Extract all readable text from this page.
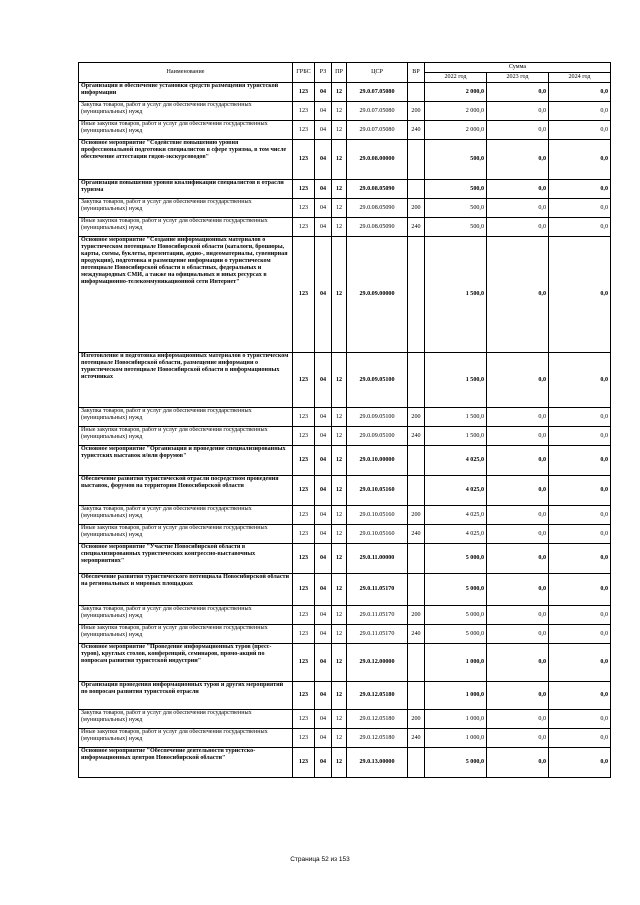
Наименование	ГРБС	РЗ	ПР	ЦСР	ВР	Сумма		
						2022 год	2023 год	2024 год
Организация и обеспечение установки средств размещения туристской информации	123	04	12	29.0.07.05080		2 000,0	0,0	0,0
Закупка товаров, работ и услуг для обеспечения государственных (муниципальных) нужд	123	04	12	29.0.07.05080	200	2 000,0	0,0	0,0
Иные закупки товаров, работ и услуг для обеспечения государственных (муниципальных) нужд	123	04	12	29.0.07.05080	240	2 000,0	0,0	0,0
Основное мероприятие "Содействие повышению уровня профессиональной подготовки специалистов в сфере туризма, в том числе обеспечение аттестации гидов-экскурсоводов"	123	04	12	29.0.08.00000		500,0	0,0	0,0
Организация повышения уровня квалификации специалистов в отрасли туризма	123	04	12	29.0.08.05090		500,0	0,0	0,0
Закупка товаров, работ и услуг для обеспечения государственных (муниципальных) нужд	123	04	12	29.0.08.05090	200	500,0	0,0	0,0
Иные закупки товаров, работ и услуг для обеспечения государственных (муниципальных) нужд	123	04	12	29.0.08.05090	240	500,0	0,0	0,0
Основное мероприятие "Создание информационных материалов о туристическом потенциале Новосибирской области (каталоги, брошюры, карты, схемы, буклеты, презентации, аудио-, видеоматериалы, сувенирная продукция), подготовка и размещение информации о туристическом потенциале Новосибирской области в областных, федеральных и международных СМИ, а также на официальных и иных ресурсах в информационно-телекоммуникационной сети Интернет"	123	04	12	29.0.09.00000		1 500,0	0,0	0,0
Изготовление и подготовка информационных материалов о туристическом потенциале Новосибирской области, размещение информации о туристическом потенциале Новосибирской области в информационных источниках	123	04	12	29.0.09.05100		1 500,0	0,0	0,0
Закупка товаров, работ и услуг для обеспечения государственных (муниципальных) нужд	123	04	12	29.0.09.05100	200	1 500,0	0,0	0,0
Иные закупки товаров, работ и услуг для обеспечения государственных (муниципальных) нужд	123	04	12	29.0.09.05100	240	1 500,0	0,0	0,0
Основное мероприятие "Организация и проведение специализированных туристских выставок и/или форумов"	123	04	12	29.0.10.00000		4 025,0	0,0	0,0
Обеспечение развития туристической отрасли посредством проведения выставок, форумов на территории Новосибирской области	123	04	12	29.0.10.05160		4 025,0	0,0	0,0
Закупка товаров, работ и услуг для обеспечения государственных (муниципальных) нужд	123	04	12	29.0.10.05160	200	4 025,0	0,0	0,0
Иные закупки товаров, работ и услуг для обеспечения государственных (муниципальных) нужд	123	04	12	29.0.10.05160	240	4 025,0	0,0	0,0
Основное мероприятие "Участие Новосибирской области в специализированных туристических конгрессно-выставочных мероприятиях"	123	04	12	29.0.11.00000		5 000,0	0,0	0,0
Обеспечение развития туристического потенциала Новосибирской области на региональных и мировых площадках	123	04	12	29.0.11.05170		5 000,0	0,0	0,0
Закупка товаров, работ и услуг для обеспечения государственных (муниципальных) нужд	123	04	12	29.0.11.05170	200	5 000,0	0,0	0,0
Иные закупки товаров, работ и услуг для обеспечения государственных (муниципальных) нужд	123	04	12	29.0.11.05170	240	5 000,0	0,0	0,0
Основное мероприятие "Проведение информационных туров (пресс-туров), круглых столов, конференций, семинаров, промо-акций по вопросам развития туристской индустрии"	123	04	12	29.0.12.00000		1 000,0	0,0	0,0
Организация проведения информационных туров и других мероприятий по вопросам развития туристской отрасли	123	04	12	29.0.12.05180		1 000,0	0,0	0,0
Закупка товаров, работ и услуг для обеспечения государственных (муниципальных) нужд	123	04	12	29.0.12.05180	200	1 000,0	0,0	0,0
Иные закупки товаров, работ и услуг для обеспечения государственных (муниципальных) нужд	123	04	12	29.0.12.05180	240	1 000,0	0,0	0,0
Основное мероприятие "Обеспечение деятельности туристско-информационных центров Новосибирской области"	123	04	12	29.0.13.00000		5 000,0	0,0	0,0
Страница 52 из 153
